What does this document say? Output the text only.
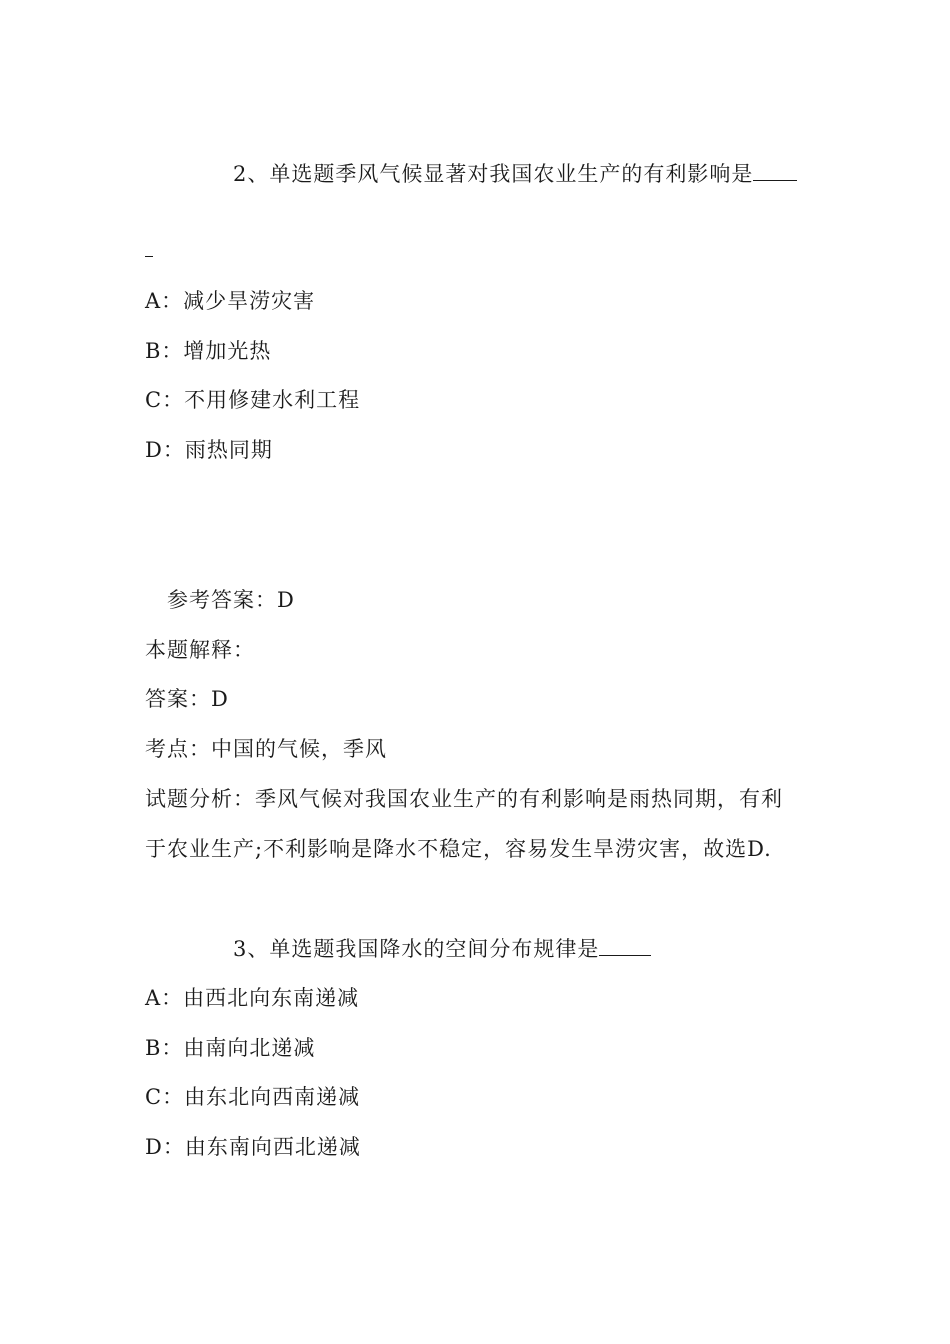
2、单选题季风气候显著对我国农业生产的有利影响是
A：减少旱涝灾害
B：增加光热
C：不用修建水利工程
D：雨热同期
参考答案：D
本题解释：
答案：D
考点：中国的气候，季风
试题分析：季风气候对我国农业生产的有利影响是雨热同期，有利
于农业生产;不利影响是降水不稳定，容易发生旱涝灾害，故选D.
3、单选题我国降水的空间分布规律是
A：由西北向东南递减
B：由南向北递减
C：由东北向西南递减
D：由东南向西北递减
